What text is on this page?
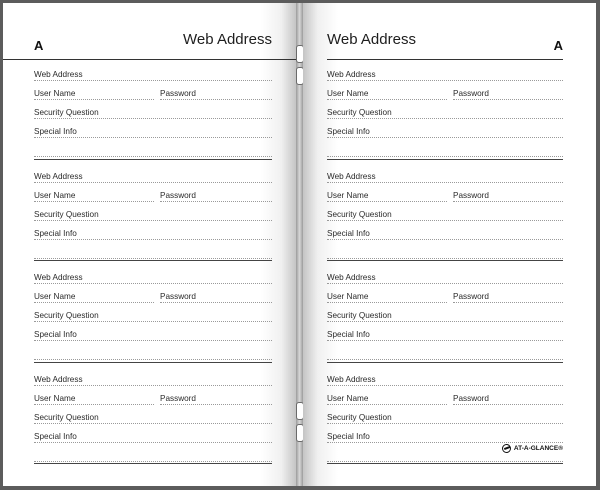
A	Web Address
Web Address
User Name	Password
Security Question
Special Info
Web Address
User Name	Password
Security Question
Special Info
Web Address
User Name	Password
Security Question
Special Info
Web Address
User Name	Password
Security Question
Special Info
Web Address	A
Web Address
User Name	Password
Security Question
Special Info
Web Address
User Name	Password
Security Question
Special Info
Web Address
User Name	Password
Security Question
Special Info
Web Address
User Name	Password
Security Question
Special Info
AT-A-GLANCE®
